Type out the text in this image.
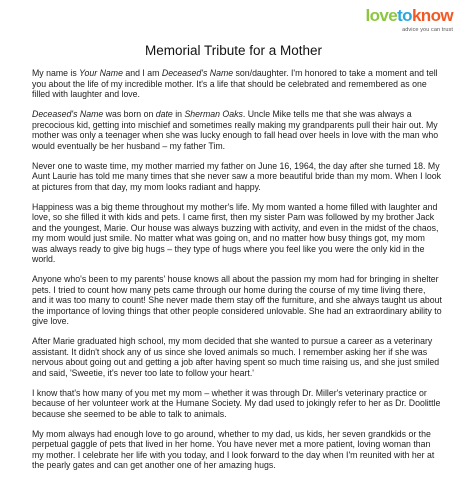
lovetoknow
advice you can trust
Memorial Tribute for a Mother

My name is Your Name and I am Deceased's Name son/daughter. I'm honored to take a moment and tell you about the life of my incredible mother. It's a life that should be celebrated and remembered as one filled with laughter and love.

Deceased's Name was born on date in Sherman Oaks. Uncle Mike tells me that she was always a precocious kid, getting into mischief and sometimes really making my grandparents pull their hair out. My mother was only a teenager when she was lucky enough to fall head over heels in love with the man who would eventually be her husband – my father Tim.

Never one to waste time, my mother married my father on June 16, 1964, the day after she turned 18. My Aunt Laurie has told me many times that she never saw a more beautiful bride than my mom. When I look at pictures from that day, my mom looks radiant and happy.

Happiness was a big theme throughout my mother's life. My mom wanted a home filled with laughter and love, so she filled it with kids and pets. I came first, then my sister Pam was followed by my brother Jack and the youngest, Marie. Our house was always buzzing with activity, and even in the midst of the chaos, my mom would just smile. No matter what was going on, and no matter how busy things got, my mom was always ready to give big hugs – they type of hugs where you feel like you were the only kid in the world.

Anyone who's been to my parents' house knows all about the passion my mom had for bringing in shelter pets. I tried to count how many pets came through our home during the course of my time living there, and it was too many to count! She never made them stay off the furniture, and she always taught us about the importance of loving things that other people considered unlovable. She had an extraordinary ability to give love.

After Marie graduated high school, my mom decided that she wanted to pursue a career as a veterinary assistant. It didn't shock any of us since she loved animals so much. I remember asking her if she was nervous about going out and getting a job after having spent so much time raising us, and she just smiled and said, 'Sweetie, it's never too late to follow your heart.'

I know that's how many of you met my mom – whether it was through Dr. Miller's veterinary practice or because of her volunteer work at the Humane Society. My dad used to jokingly refer to her as Dr. Doolittle because she seemed to be able to talk to animals.

My mom always had enough love to go around, whether to my dad, us kids, her seven grandkids or the perpetual gaggle of pets that lived in her home. You have never met a more patient, loving woman than my mother. I celebrate her life with you today, and I look forward to the day when I'm reunited with her at the pearly gates and can get another one of her amazing hugs.
